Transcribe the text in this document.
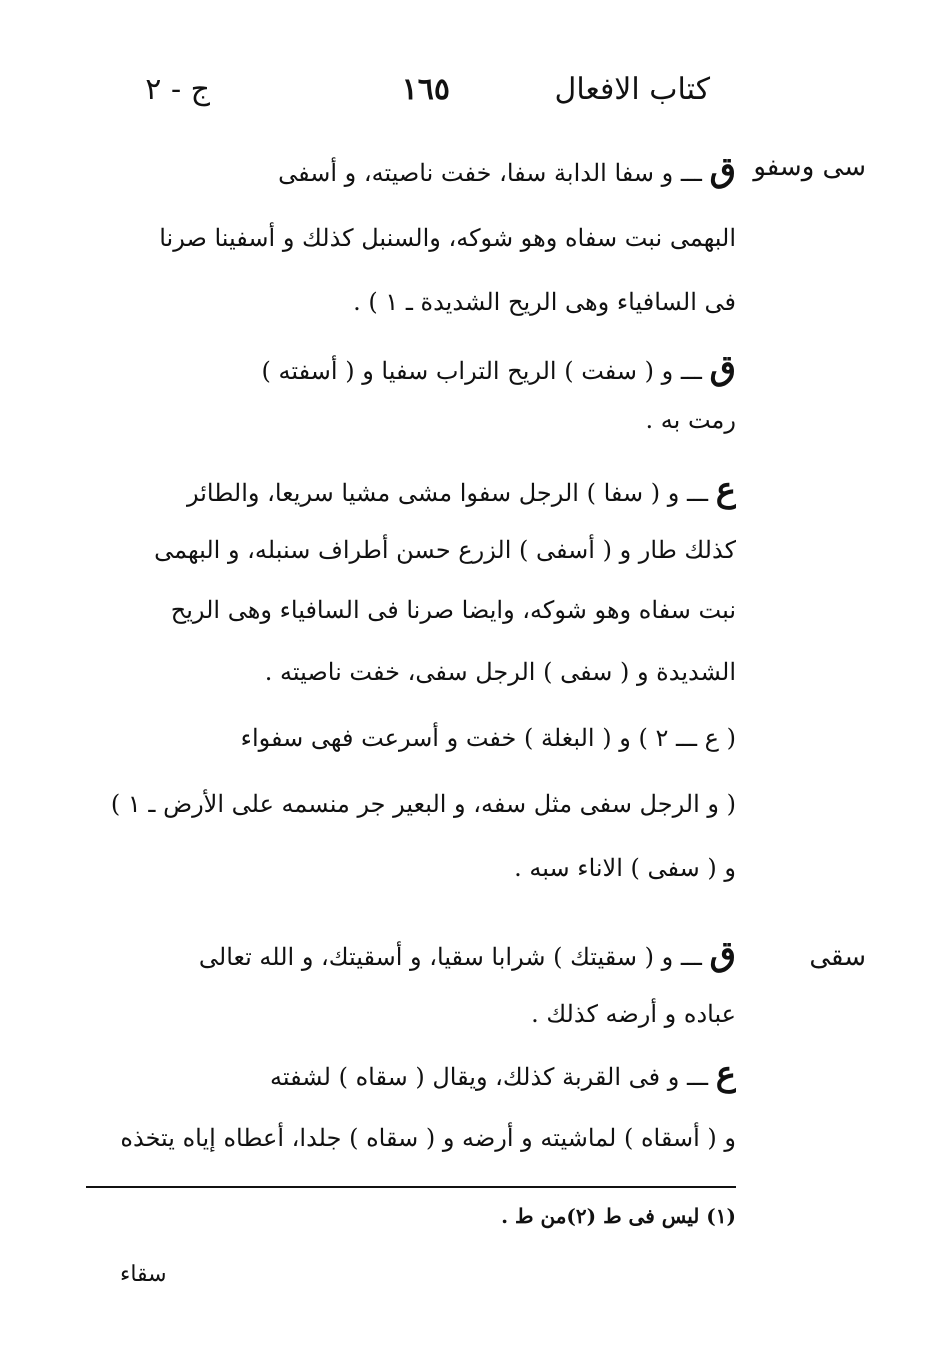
كتاب الافعال
١٦٥
ج - ٢
سى وسفو
سقى
ق ـــ و سفا الدابة سفا، خفت ناصيته، و أسفى
البهمى نبت سفاه وهو شوكه، والسنبل كذلك و أسفينا صرنا
فى السافياء وهى الريح الشديدة ـ ١ ) .
ق ـــ و ( سفت ) الريح التراب سفيا و ( أسفته )
رمت به .
ع ـــ و ( سفا ) الرجل سفوا مشى مشيا سريعا، والطائر
كذلك طار و ( أسفى ) الزرع حسن أطراف سنبله، و البهمى
نبت سفاه وهو شوكه، وايضا صرنا فى السافياء وهى الريح
الشديدة و ( سفى ) الرجل سفى، خفت ناصيته .
( ع ـــ ٢ ) و ( البغلة ) خفت و أسرعت فهى سفواء
( و الرجل سفى مثل سفه، و البعير جر منسمه على الأرض ـ ١ )
و ( سفى ) الاناء سبه .
ق ـــ و ( سقيتك ) شرابا سقيا، و أسقيتك، و الله تعالى
عباده و أرضه كذلك .
ع ـــ و فى القربة كذلك، ويقال ( سقاه ) لشفته
و ( أسقاه ) لماشيته و أرضه و ( سقاه ) جلدا، أعطاه إياه يتخذه
(١) ليس فى ط (٢)من ط .
سقاء
